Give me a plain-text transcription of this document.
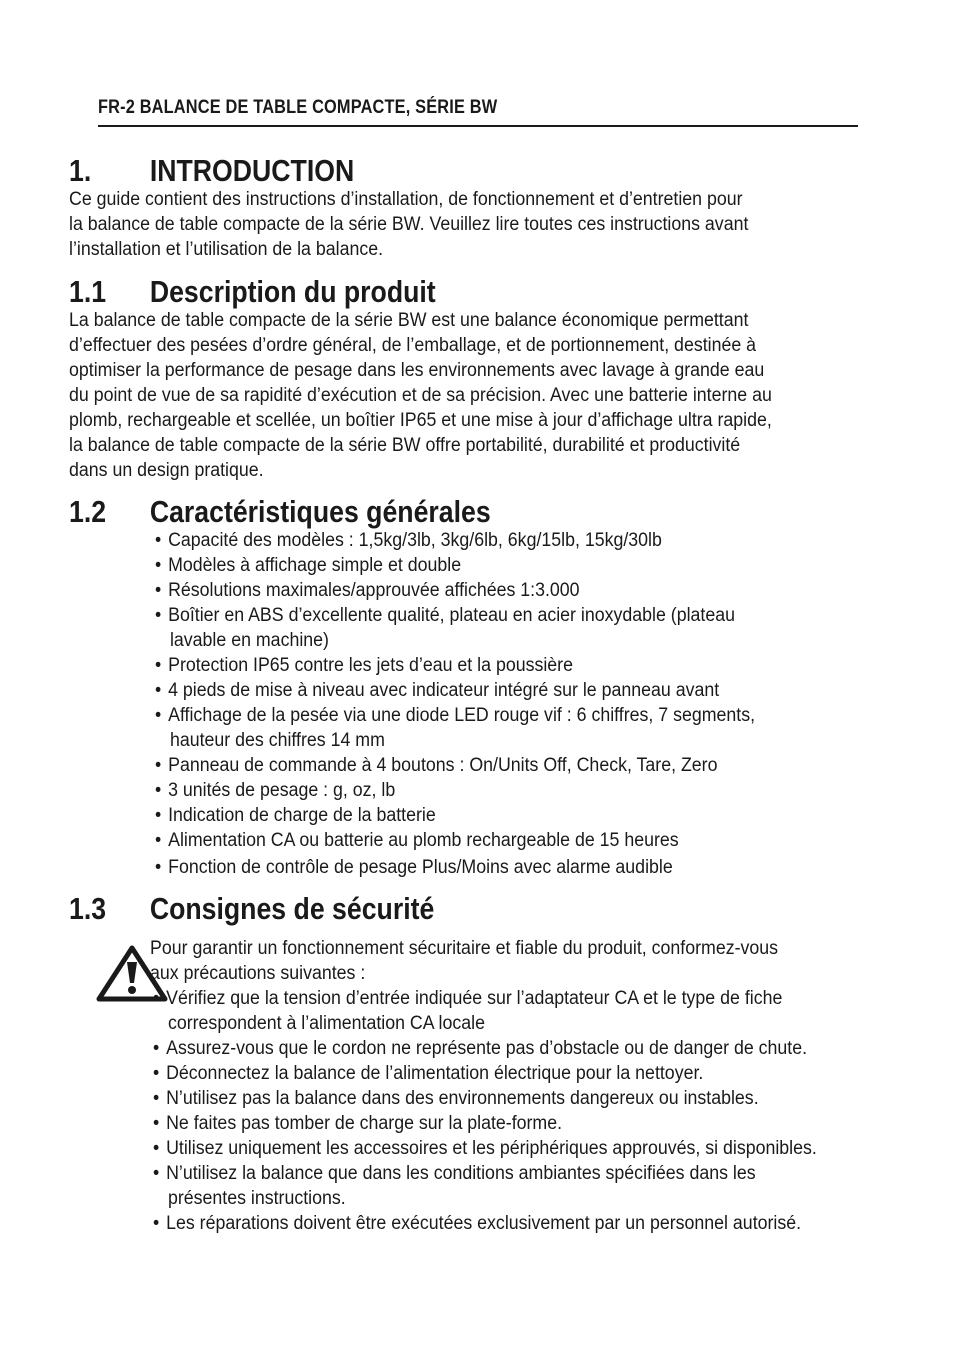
FR-2 BALANCE DE TABLE COMPACTE, SÉRIE BW
1. INTRODUCTION
Ce guide contient des instructions d’installation, de fonctionnement et d’entretien pour
la balance de table compacte de la série BW. Veuillez lire toutes ces instructions avant
l’installation et l’utilisation de la balance.
1.1 Description du produit
La balance de table compacte de la série BW est une balance économique permettant
d’effectuer des pesées d’ordre général, de l’emballage, et de portionnement, destinée à
optimiser la performance de pesage dans les environnements avec lavage à grande eau
du point de vue de sa rapidité d’exécution et de sa précision. Avec une batterie interne au
plomb, rechargeable et scellée, un boîtier IP65 et une mise à jour d’affichage ultra rapide,
la balance de table compacte de la série BW offre portabilité, durabilité et productivité
dans un design pratique.
1.2 Caractéristiques générales
• Capacité des modèles : 1,5kg/3lb, 3kg/6lb, 6kg/15lb, 15kg/30lb
• Modèles à affichage simple et double
• Résolutions maximales/approuvée affichées 1:3.000
• Boîtier en ABS d’excellente qualité, plateau en acier inoxydable (plateau
lavable en machine)
• Protection IP65 contre les jets d’eau et la poussière
• 4 pieds de mise à niveau avec indicateur intégré sur le panneau avant
• Affichage de la pesée via une diode LED rouge vif : 6 chiffres, 7 segments,
hauteur des chiffres 14 mm
• Panneau de commande à 4 boutons : On/Units Off, Check, Tare, Zero
• 3 unités de pesage : g, oz, lb
• Indication de charge de la batterie
• Alimentation CA ou batterie au plomb rechargeable de 15 heures
• Fonction de contrôle de pesage Plus/Moins avec alarme audible
1.3 Consignes de sécurité
Pour garantir un fonctionnement sécuritaire et fiable du produit, conformez-vous
aux précautions suivantes :
• Vérifiez que la tension d’entrée indiquée sur l’adaptateur CA et le type de fiche
correspondent à l’alimentation CA locale
• Assurez-vous que le cordon ne représente pas d’obstacle ou de danger de chute.
• Déconnectez la balance de l’alimentation électrique pour la nettoyer.
• N’utilisez pas la balance dans des environnements dangereux ou instables.
• Ne faites pas tomber de charge sur la plate-forme.
• Utilisez uniquement les accessoires et les périphériques approuvés, si disponibles.
• N’utilisez la balance que dans les conditions ambiantes spécifiées dans les
présentes instructions.
• Les réparations doivent être exécutées exclusivement par un personnel autorisé.
